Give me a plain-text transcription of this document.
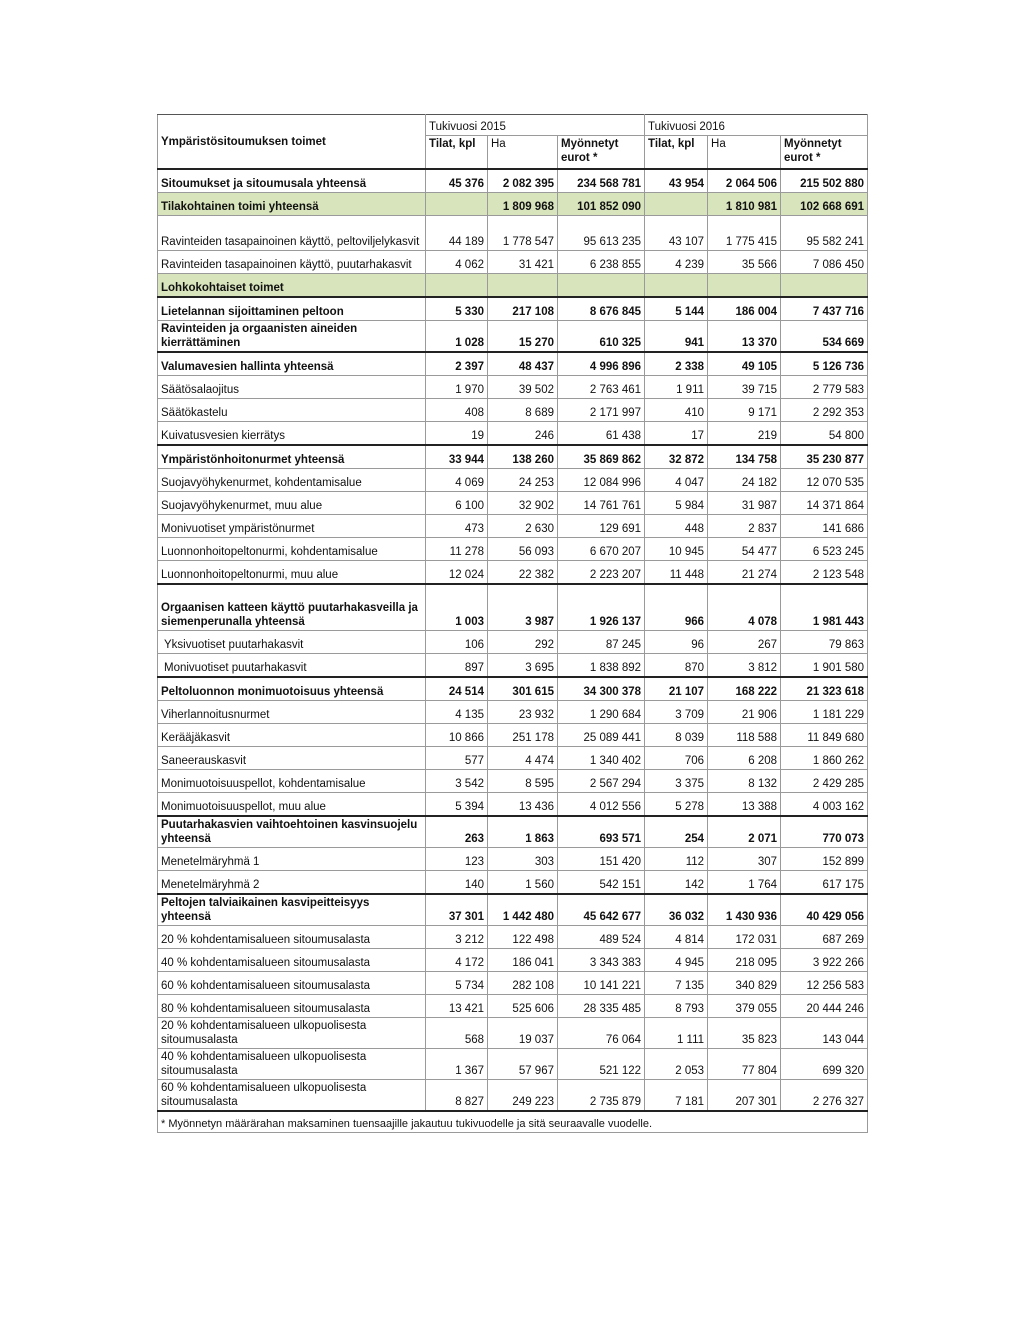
Ympäristösitoumuksen toimet	Tukivuosi 2015			Tukivuosi 2016		
	Tilat, kpl	Ha	Myönnetyt eurot *	Tilat, kpl	Ha	Myönnetyt eurot *
Sitoumukset ja sitoumusala yhteensä	45 376	2 082 395	234 568 781	43 954	2 064 506	215 502 880
Tilakohtainen toimi yhteensä		1 809 968	101 852 090		1 810 981	102 668 691
Ravinteiden tasapainoinen käyttö, peltoviljelykasvit	44 189	1 778 547	95 613 235	43 107	1 775 415	95 582 241
Ravinteiden tasapainoinen käyttö, puutarhakasvit	4 062	31 421	6 238 855	4 239	35 566	7 086 450
Lohkokohtaiset toimet						
Lietelannan sijoittaminen peltoon	5 330	217 108	8 676 845	5 144	186 004	7 437 716
Ravinteiden ja orgaanisten aineiden kierrättäminen	1 028	15 270	610 325	941	13 370	534 669
Valumavesien hallinta yhteensä	2 397	48 437	4 996 896	2 338	49 105	5 126 736
Säätösalaojitus	1 970	39 502	2 763 461	1 911	39 715	2 779 583
Säätökastelu	408	8 689	2 171 997	410	9 171	2 292 353
Kuivatusvesien kierrätys	19	246	61 438	17	219	54 800
Ympäristönhoitonurmet yhteensä	33 944	138 260	35 869 862	32 872	134 758	35 230 877
Suojavyöhykenurmet, kohdentamisalue	4 069	24 253	12 084 996	4 047	24 182	12 070 535
Suojavyöhykenurmet, muu alue	6 100	32 902	14 761 761	5 984	31 987	14 371 864
Monivuotiset ympäristönurmet	473	2 630	129 691	448	2 837	141 686
Luonnonhoitopeltonurmi, kohdentamisalue	11 278	56 093	6 670 207	10 945	54 477	6 523 245
Luonnonhoitopeltonurmi, muu alue	12 024	22 382	2 223 207	11 448	21 274	2 123 548
Orgaanisen katteen käyttö puutarhakasveilla ja siemenperunalla yhteensä	1 003	3 987	1 926 137	966	4 078	1 981 443
Yksivuotiset puutarhakasvit	106	292	87 245	96	267	79 863
Monivuotiset puutarhakasvit	897	3 695	1 838 892	870	3 812	1 901 580
Peltoluonnon monimuotoisuus yhteensä	24 514	301 615	34 300 378	21 107	168 222	21 323 618
Viherlannoitusnurmet	4 135	23 932	1 290 684	3 709	21 906	1 181 229
Kerääjäkasvit	10 866	251 178	25 089 441	8 039	118 588	11 849 680
Saneerauskasvit	577	4 474	1 340 402	706	6 208	1 860 262
Monimuotoisuuspellot, kohdentamisalue	3 542	8 595	2 567 294	3 375	8 132	2 429 285
Monimuotoisuuspellot, muu alue	5 394	13 436	4 012 556	5 278	13 388	4 003 162
Puutarhakasvien vaihtoehtoinen kasvinsuojelu yhteensä	263	1 863	693 571	254	2 071	770 073
Menetelmäryhmä 1	123	303	151 420	112	307	152 899
Menetelmäryhmä 2	140	1 560	542 151	142	1 764	617 175
Peltojen talviaikainen kasvipeitteisyys yhteensä	37 301	1 442 480	45 642 677	36 032	1 430 936	40 429 056
20 % kohdentamisalueen sitoumusalasta	3 212	122 498	489 524	4 814	172 031	687 269
40 % kohdentamisalueen sitoumusalasta	4 172	186 041	3 343 383	4 945	218 095	3 922 266
60 % kohdentamisalueen sitoumusalasta	5 734	282 108	10 141 221	7 135	340 829	12 256 583
80 % kohdentamisalueen sitoumusalasta	13 421	525 606	28 335 485	8 793	379 055	20 444 246
20 % kohdentamisalueen ulkopuolisesta sitoumusalasta	568	19 037	76 064	1 111	35 823	143 044
40 % kohdentamisalueen ulkopuolisesta sitoumusalasta	1 367	57 967	521 122	2 053	77 804	699 320
60 % kohdentamisalueen ulkopuolisesta sitoumusalasta	8 827	249 223	2 735 879	7 181	207 301	2 276 327
* Myönnetyn määrärahan maksaminen tuensaajille jakautuu tukivuodelle ja sitä seuraavalle vuodelle.						
